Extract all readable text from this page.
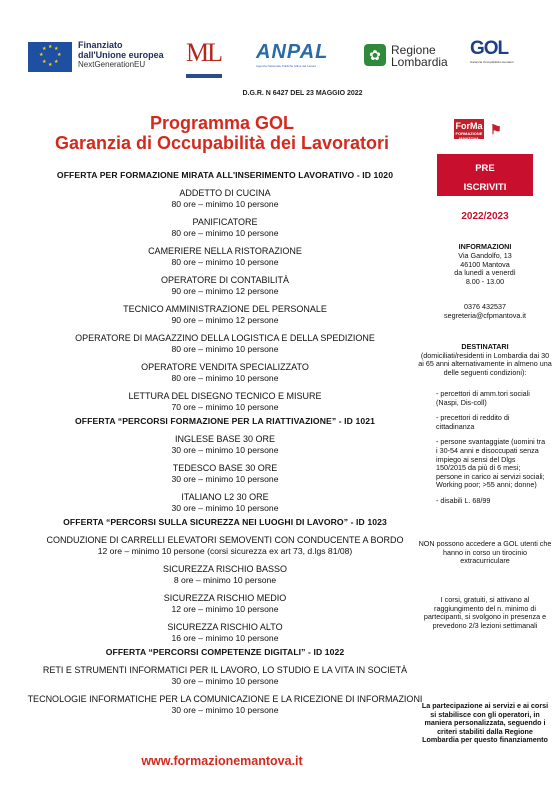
★ ★
★
★
★
★
★
★	Finanziato
dall'Unione europea
NextGenerationEU	ML ANPAL
Agenzia Nazionale Politiche Attive del Lavoro
✿ Regione
Lombardia
GOL
Garanzia Occupabilità Lavoratori
D.G.R. N 6427 DEL 23 MAGGIO 2022
Programma GOL
Garanzia di Occupabilità dei Lavoratori
OFFERTA PER FORMAZIONE MIRATA ALL'INSERIMENTO LAVORATIVO - ID 1020
ADDETTO DI CUCINA
80 ore – minimo 10 persone
PANIFICATORE
80 ore – minimo 10 persone
CAMERIERE NELLA RISTORAZIONE
80 ore – minimo 10 persone
OPERATORE DI CONTABILITÀ
90 ore – minimo 12 persone
TECNICO AMMINISTRAZIONE DEL PERSONALE
90 ore – minimo 12 persone
OPERATORE DI MAGAZZINO DELLA LOGISTICA E DELLA SPEDIZIONE
80 ore – minimo 10 persone
OPERATORE VENDITA SPECIALIZZATO
80 ore – minimo 10 persone
LETTURA DEL DISEGNO TECNICO E MISURE
70 ore – minimo 10 persone
OFFERTA “PERCORSI FORMAZIONE PER LA RIATTIVAZIONE” - ID 1021
INGLESE BASE 30 ORE
30 ore – minimo 10 persone
TEDESCO BASE 30 ORE
30 ore – minimo 10 persone
ITALIANO L2 30 ORE
30 ore – minimo 10 persone
OFFERTA “PERCORSI SULLA SICUREZZA NEI LUOGHI DI LAVORO” - ID 1023
CONDUZIONE DI CARRELLI ELEVATORI SEMOVENTI CON CONDUCENTE A BORDO
12 ore – minimo 10 persone (corsi sicurezza ex art 73, d.lgs 81/08)
SICUREZZA RISCHIO BASSO
8 ore – minimo 10 persone
SICUREZZA RISCHIO MEDIO
12 ore – minimo 10 persone
SICUREZZA RISCHIO ALTO
16 ore – minimo 10 persone
OFFERTA “PERCORSI COMPETENZE DIGITALI” - ID 1022
RETI E STRUMENTI INFORMATICI PER IL LAVORO, LO STUDIO E LA VITA IN SOCIETÀ
30 ore – minimo 10 persone
TECNOLOGIE INFORMATICHE PER LA COMUNICAZIONE E LA RICEZIONE DI INFORMAZIONI
30 ore – minimo 10 persone
www.formazionemantova.it
ForMa
FORMAZIONE MANTOVA
⚑
PRE
ISCRIVITI
2022/2023
INFORMAZIONI
Via Gandolfo, 13
46100 Mantova
da lunedì a venerdì
8.00 - 13.00
0376 432537
segreteria@cfpmantova.it
DESTINATARI
(domiciliati/residenti in Lombardia dai 30 ai 65 anni alternativamente in almeno una delle seguenti condizioni):

- percettori di amm.tori sociali (Naspi, Dis-coll)

- precettori di reddito di cittadinanza

- persone svantaggiate (uomini tra i 30-54 anni e disoccupati senza impiego ai sensi del Dlgs 150/2015 da più di 6 mesi; persone in carico ai servizi sociali; Working poor; >55 anni; donne)

- disabili L. 68/99

NON possono accedere a GOL utenti che hanno in corso un tirocinio extracurriculare
I corsi, gratuiti, si attivano al raggiungimento del n. minimo di partecipanti, si svolgono in presenza e prevedono 2/3 lezioni settimanali
La partecipazione ai servizi e ai corsi si stabilisce con gli operatori, in maniera personalizzata, seguendo i criteri stabiliti dalla Regione Lombardia per questo finanziamento
